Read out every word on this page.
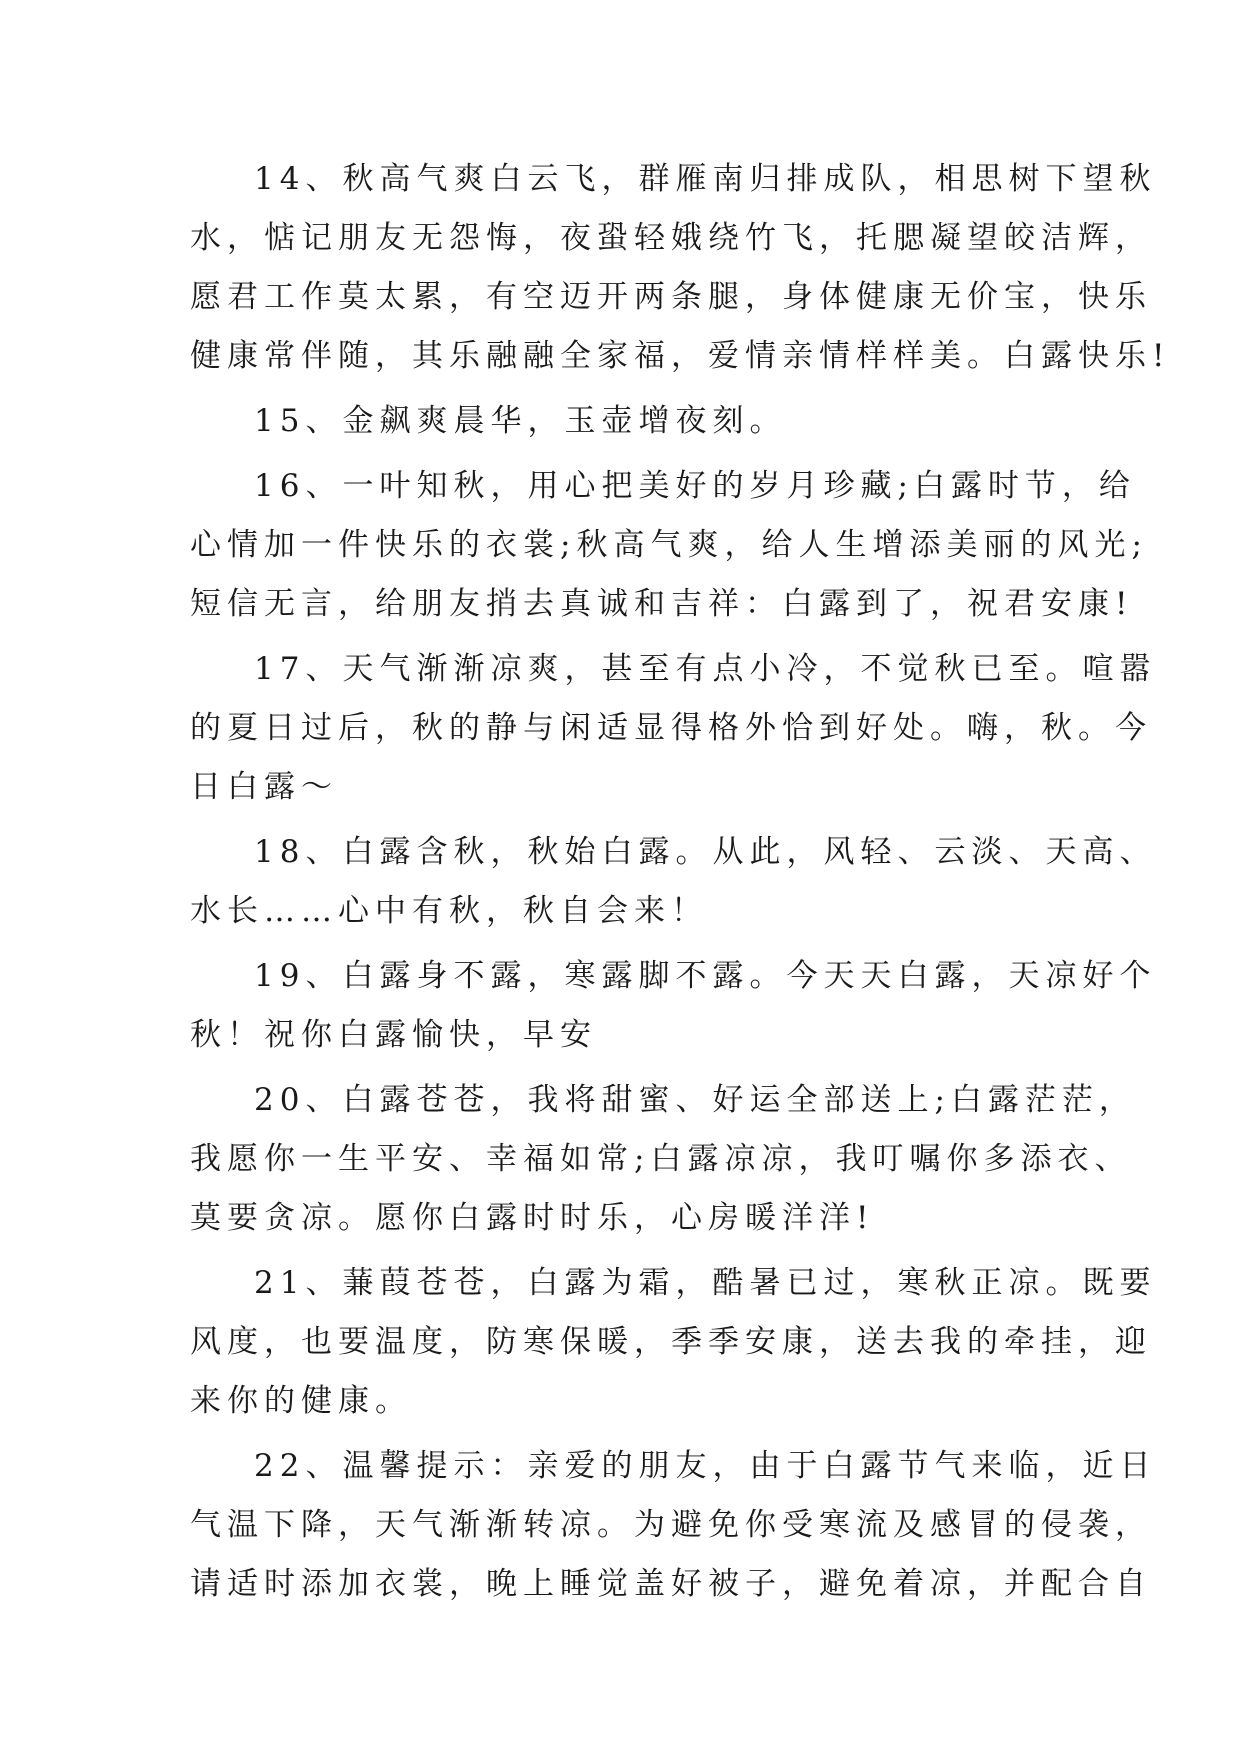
14、秋高气爽白云飞，群雁南归排成队，相思树下望秋
水，惦记朋友无怨悔，夜蛩轻娥绕竹飞，托腮凝望皎洁辉，
愿君工作莫太累，有空迈开两条腿，身体健康无价宝，快乐
健康常伴随，其乐融融全家福，爱情亲情样样美。白露快乐!

15、金飙爽晨华，玉壶增夜刻。

16、一叶知秋，用心把美好的岁月珍藏;白露时节，给
心情加一件快乐的衣裳;秋高气爽，给人生增添美丽的风光;
短信无言，给朋友捎去真诚和吉祥：白露到了，祝君安康!

17、天气渐渐凉爽，甚至有点小冷，不觉秋已至。喧嚣
的夏日过后，秋的静与闲适显得格外恰到好处。嗨，秋。今
日白露～

18、白露含秋，秋始白露。从此，风轻、云淡、天高、
水长……心中有秋，秋自会来！

19、白露身不露，寒露脚不露。今天天白露，天凉好个
秋！祝你白露愉快，早安

20、白露苍苍，我将甜蜜、好运全部送上;白露茫茫，
我愿你一生平安、幸福如常;白露凉凉，我叮嘱你多添衣、
莫要贪凉。愿你白露时时乐，心房暖洋洋!

21、蒹葭苍苍，白露为霜，酷暑已过，寒秋正凉。既要
风度，也要温度，防寒保暖，季季安康，送去我的牵挂，迎
来你的健康。

22、温馨提示：亲爱的朋友，由于白露节气来临，近日
气温下降，天气渐渐转凉。为避免你受寒流及感冒的侵袭，
请适时添加衣裳，晚上睡觉盖好被子，避免着凉，并配合自
